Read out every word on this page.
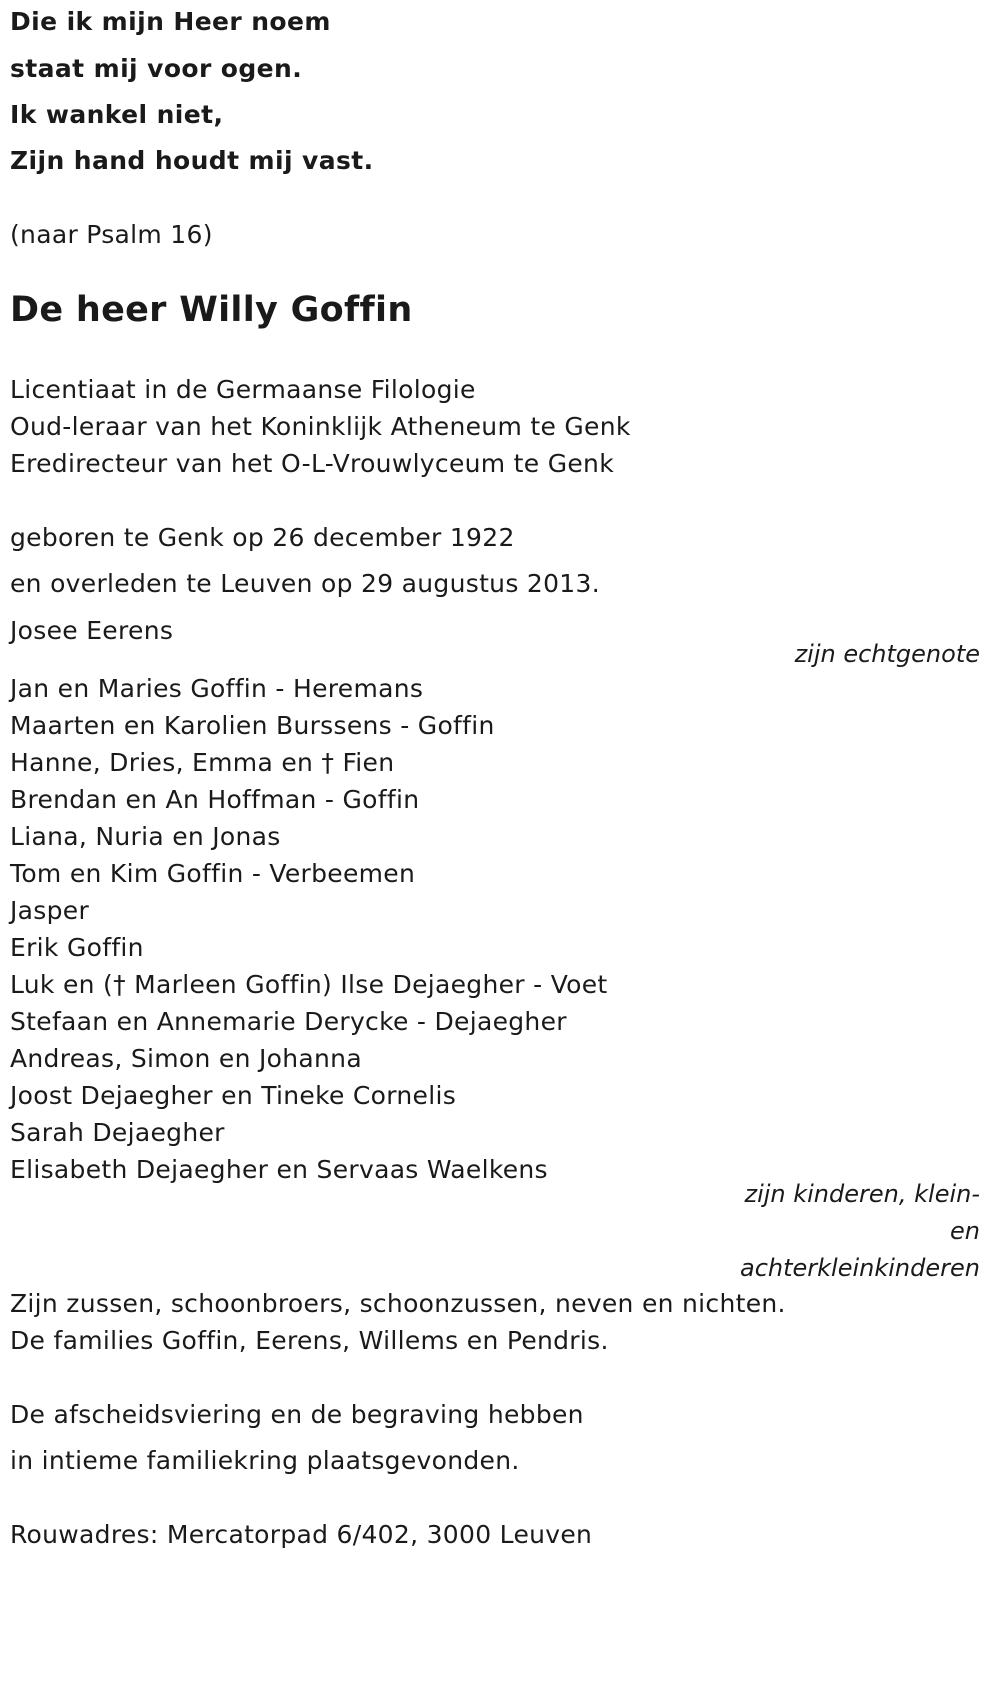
Die ik mijn Heer noem
staat mij voor ogen.
Ik wankel niet,
Zijn hand houdt mij vast.
(naar Psalm 16)
De heer Willy Goffin
Licentiaat in de Germaanse Filologie
Oud-leraar van het Koninklijk Atheneum te Genk
Eredirecteur van het O-L-Vrouwlyceum te Genk
geboren te Genk op 26 december 1922
en overleden te Leuven op 29 augustus 2013.
Josee Eerens
zijn echtgenote
Jan en Maries Goffin - Heremans
Maarten en Karolien Burssens - Goffin
Hanne, Dries, Emma en † Fien
Brendan en An Hoffman - Goffin
Liana, Nuria en Jonas
Tom en Kim Goffin - Verbeemen
Jasper
Erik Goffin
Luk en († Marleen Goffin) Ilse Dejaegher - Voet
Stefaan en Annemarie Derycke - Dejaegher
Andreas, Simon en Johanna
Joost Dejaegher en Tineke Cornelis
Sarah Dejaegher
Elisabeth Dejaegher en Servaas Waelkens
zijn kinderen, klein-
en
achterkleinkinderen
Zijn zussen, schoonbroers, schoonzussen, neven en nichten.
De families Goffin, Eerens, Willems en Pendris.
De afscheidsviering en de begraving hebben
in intieme familiekring plaatsgevonden.
Rouwadres: Mercatorpad 6/402, 3000 Leuven
